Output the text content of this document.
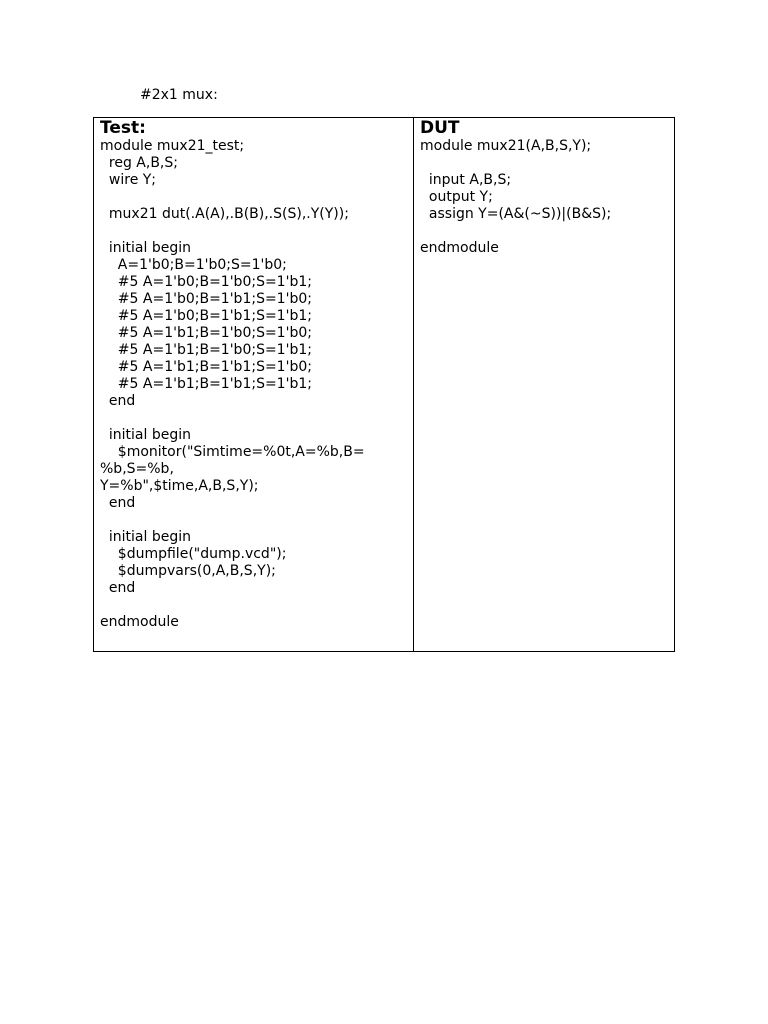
#2x1 mux:
Test:
module mux21_test;
reg A,B,S;
wire Y;
mux21 dut(.A(A),.B(B),.S(S),.Y(Y));
initial begin
A=1'b0;B=1'b0;S=1'b0;
#5 A=1'b0;B=1'b0;S=1'b1;
#5 A=1'b0;B=1'b1;S=1'b0;
#5 A=1'b0;B=1'b1;S=1'b1;
#5 A=1'b1;B=1'b0;S=1'b0;
#5 A=1'b1;B=1'b0;S=1'b1;
#5 A=1'b1;B=1'b1;S=1'b0;
#5 A=1'b1;B=1'b1;S=1'b1;
end
initial begin
$monitor("Simtime=%0t,A=%b,B=
%b,S=%b,
Y=%b",$time,A,B,S,Y);
end
initial begin
$dumpfile("dump.vcd");
$dumpvars(0,A,B,S,Y);
end
endmodule
DUT
module mux21(A,B,S,Y);
input A,B,S;
output Y;
assign Y=(A&(~S))|(B&S);
endmodule
